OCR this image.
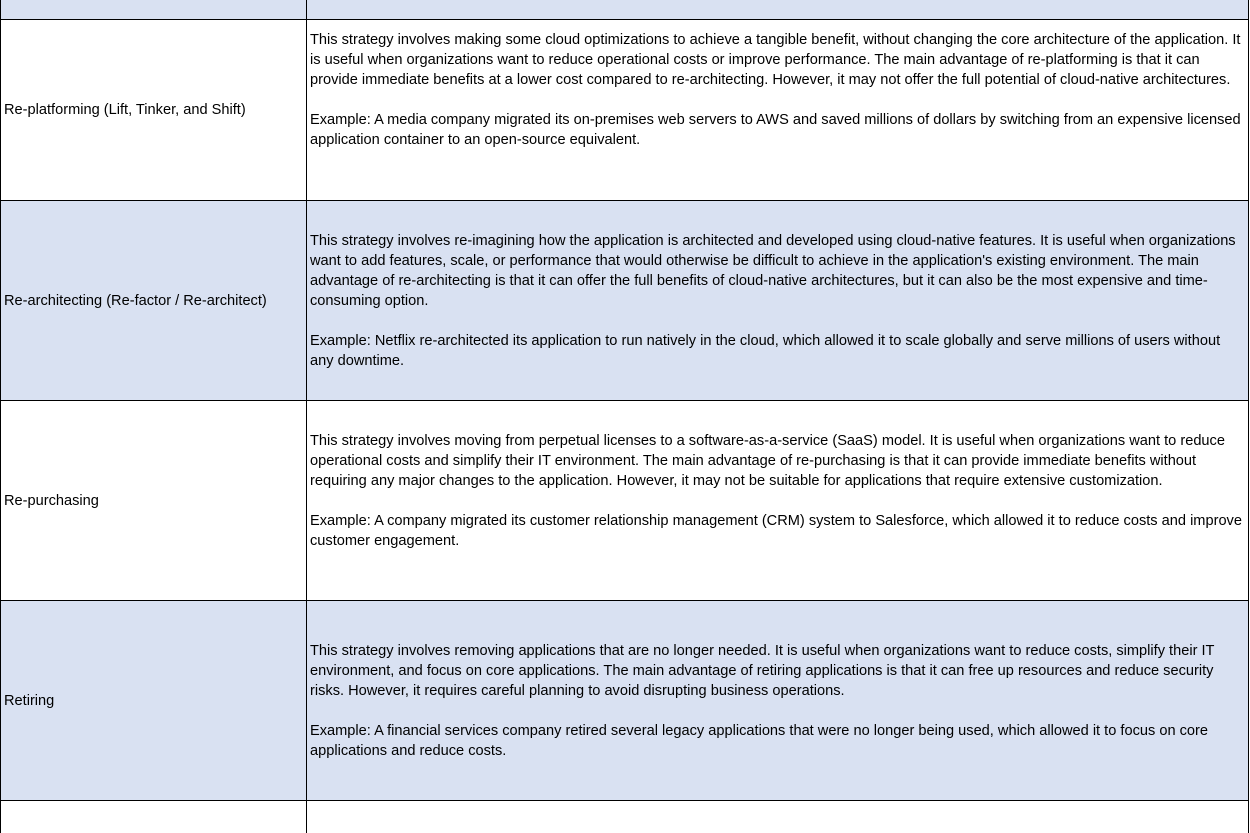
Re-platforming (Lift, Tinker, and Shift)
This strategy involves making some cloud optimizations to achieve a tangible benefit, without changing the core architecture of the application. It is useful when organizations want to reduce operational costs or improve performance. The main advantage of re-platforming is that it can provide immediate benefits at a lower cost compared to re-architecting. However, it may not offer the full potential of cloud-native architectures.
Example: A media company migrated its on-premises web servers to AWS and saved millions of dollars by switching from an expensive licensed application container to an open-source equivalent.
Re-architecting (Re-factor / Re-architect)
This strategy involves re-imagining how the application is architected and developed using cloud-native features. It is useful when organizations want to add features, scale, or performance that would otherwise be difficult to achieve in the application's existing environment. The main advantage of re-architecting is that it can offer the full benefits of cloud-native architectures, but it can also be the most expensive and time-consuming option.
Example: Netflix re-architected its application to run natively in the cloud, which allowed it to scale globally and serve millions of users without any downtime.
Re-purchasing
This strategy involves moving from perpetual licenses to a software-as-a-service (SaaS) model. It is useful when organizations want to reduce operational costs and simplify their IT environment. The main advantage of re-purchasing is that it can provide immediate benefits without requiring any major changes to the application. However, it may not be suitable for applications that require extensive customization.
Example: A company migrated its customer relationship management (CRM) system to Salesforce, which allowed it to reduce costs and improve customer engagement.
Retiring
This strategy involves removing applications that are no longer needed. It is useful when organizations want to reduce costs, simplify their IT environment, and focus on core applications. The main advantage of retiring applications is that it can free up resources and reduce security risks. However, it requires careful planning to avoid disrupting business operations.
Example: A financial services company retired several legacy applications that were no longer being used, which allowed it to focus on core applications and reduce costs.
